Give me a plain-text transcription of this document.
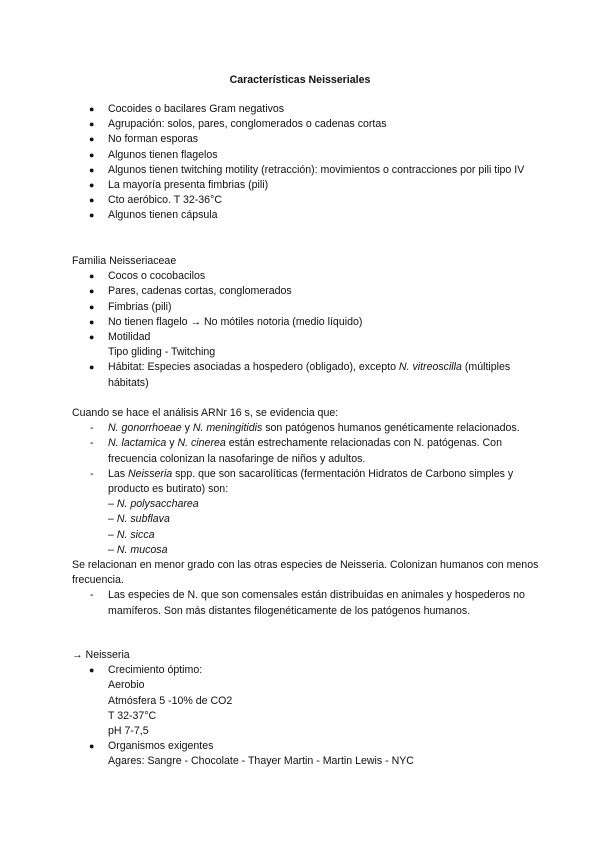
Características Neisseriales
● Cocoides o bacilares Gram negativos
● Agrupación: solos, pares, conglomerados o cadenas cortas
● No forman esporas
● Algunos tienen flagelos
● Algunos tienen twitching motility (retracción): movimientos o contracciones por pili tipo IV
● La mayoría presenta fimbrias (pili)
● Cto aeróbico. T 32-36°C
● Algunos tienen cápsula

Familia Neisseriaceae

● Cocos o cocobacilos
● Pares, cadenas cortas, conglomerados
● Fimbrias (pili)
● No tienen flagelo → No mótiles notoria (medio líquido)
● Motilidad
Tipo gliding - Twitching
● Hábitat: Especies asociadas a hospedero (obligado), excepto N. vitreoscilla (múltiples hábitats)

Cuando se hace el análisis ARNr 16 s, se evidencia que:

- N. gonorrhoeae y N. meningitidis son patógenos humanos genéticamente relacionados.
- N. lactamica y N. cinerea están estrechamente relacionadas con N. patógenas. Con frecuencia colonizan la nasofaringe de niños y adultos.
- Las Neisseria spp. que son sacarolíticas (fermentación Hidratos de Carbono simples y producto es butirato) son:
– N. polysaccharea
– N. subflava
– N. sicca
– N. mucosa

Se relacionan en menor grado con las otras especies de Neisseria. Colonizan humanos con menos frecuencia.

- Las especies de N. que son comensales están distribuidas en animales y hospederos no mamíferos. Son más distantes filogenéticamente de los patógenos humanos.

→ Neisseria

● Crecimiento óptimo:
Aerobio
Atmósfera 5 -10% de CO2
T 32-37°C
pH 7-7,5
● Organismos exigentes
Agares: Sangre - Chocolate - Thayer Martin - Martin Lewis - NYC
